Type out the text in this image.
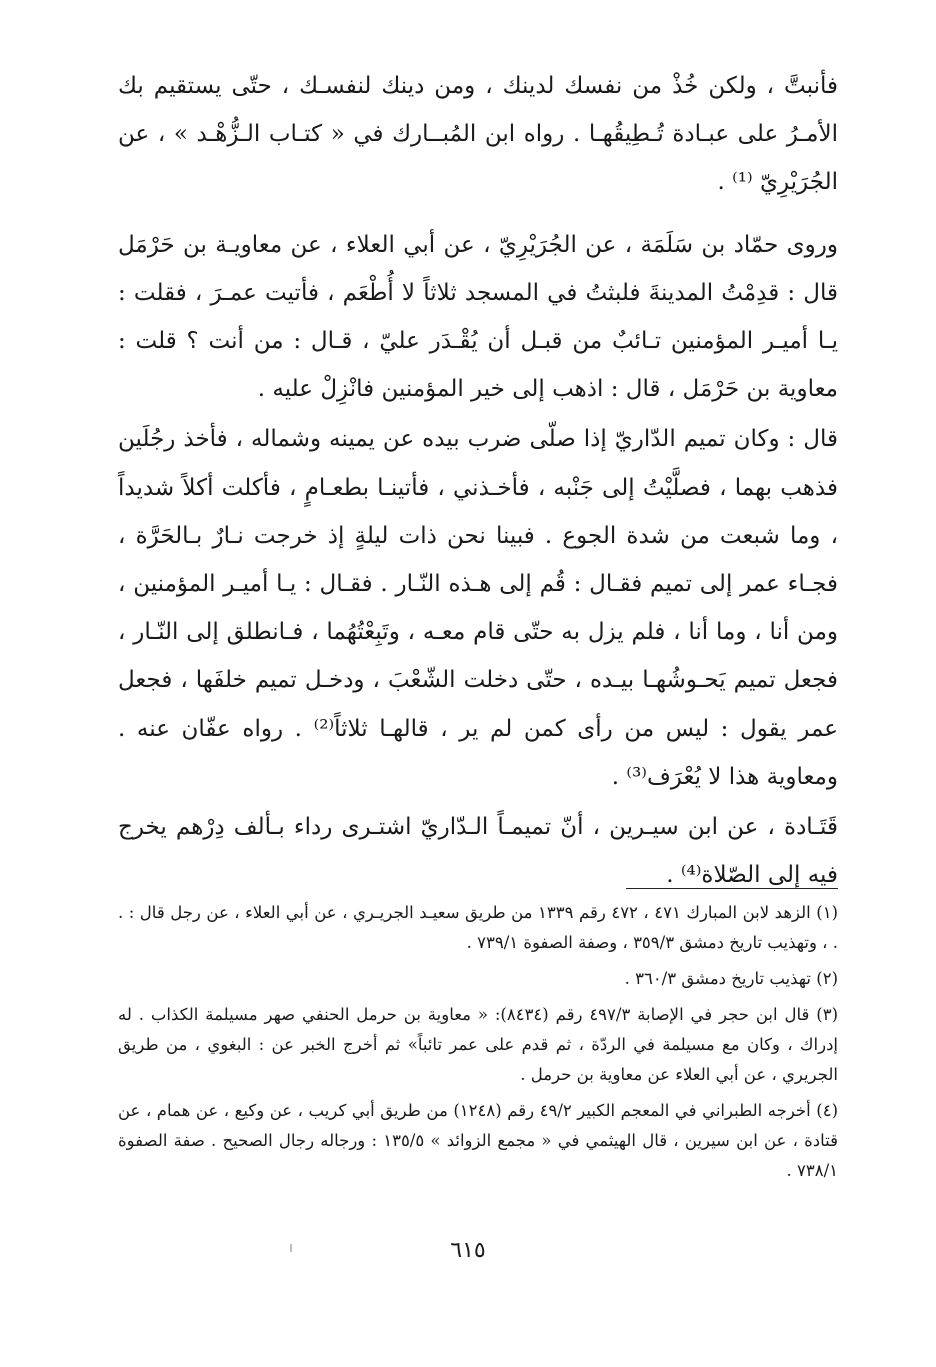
فأنبتَّ ، ولكن خُذْ من نفسك لدينك ، ومن دينك لنفسـك ، حتّى يستقيم بك الأمـرُ على عبـادة تُـطِيقُهـا . رواه ابن المُبــارك في « كتـاب الـزُّهْـد » ، عن الجُرَيْرِيّ ⁽¹⁾ .

وروى حمّاد بن سَلَمَة ، عن الجُرَيْرِيّ ، عن أبي العلاء ، عن معاويـة بن حَرْمَل قال : قدِمْتُ المدينةَ فلبثتُ في المسجد ثلاثاً لا أُطْعَم ، فأتيت عمـرَ ، فقلت : يـا أميـر المؤمنين تـائبٌ من قبـل أن يُقْـدَر عليّ ، قـال : من أنت ؟ قلت : معاوية بن حَرْمَل ، قال : اذهب إلى خير المؤمنين فانْزِلْ عليه .

قال : وكان تميم الدّاريّ إذا صلّى ضرب بيده عن يمينه وشماله ، فأخذ رجُلَين فذهب بهما ، فصلَّيْتُ إلى جَنْبه ، فأخـذني ، فأتينـا بطعـامٍ ، فأكلت أكلاً شديداً ، وما شبعت من شدة الجوع . فبينا نحن ذات ليلةٍ إذ خرجت نـارٌ بـالحَرَّة ، فجـاء عمر إلى تميم فقـال : قُم إلى هـذه النّـار . فقـال : يـا أميـر المؤمنين ، ومن أنا ، وما أنا ، فلم يزل به حتّى قام معـه ، وتَبِعْتُهُما ، فـانطلق إلى النّـار ، فجعل تميم يَحـوشُهـا بيـده ، حتّى دخلت الشّعْبَ ، ودخـل تميم خلفَها ، فجعل عمر يقول : ليس من رأى كمن لم ير ، قالهـا ثلاثاً⁽²⁾ . رواه عفّان عنه . ومعاوية هذا لا يُعْرَف⁽³⁾ .

قَتَـادة ، عن ابن سيـرين ، أنّ تميمـاً الـدّاريّ اشتـرى رداء بـألف دِرْهم يخرج فيه إلى الصّلاة⁽⁴⁾ .

(١) الزهد لابن المبارك ٤٧١ ، ٤٧٢ رقم ١٣٣٩ من طريق سعيـد الجريـري ، عن أبي العلاء ، عن رجل قال : . . ، وتهذيب تاريخ دمشق ٣٥٩/٣ ، وصفة الصفوة ٧٣٩/١ .

(٢) تهذيب تاريخ دمشق ٣٦٠/٣ .

(٣) قال ابن حجر في الإصابة ٤٩٧/٣ رقم (٨٤٣٤): « معاوية بن حرمل الحنفي صهر مسيلمة الكذاب . له إدراك ، وكان مع مسيلمة في الردّة ، ثم قدم على عمر تائباً» ثم أخرج الخبر عن : البغوي ، من طريق الجريري ، عن أبي العلاء عن معاوية بن حرمل .

(٤) أخرجه الطبراني في المعجم الكبير ٤٩/٢ رقم (١٢٤٨) من طريق أبي كريب ، عن وكيع ، عن همام ، عن قتادة ، عن ابن سيرين ، قال الهيثمي في « مجمع الزوائد » ١٣٥/٥ : ورجاله رجال الصحيح . صفة الصفوة ٧٣٨/١ .

٦١٥
